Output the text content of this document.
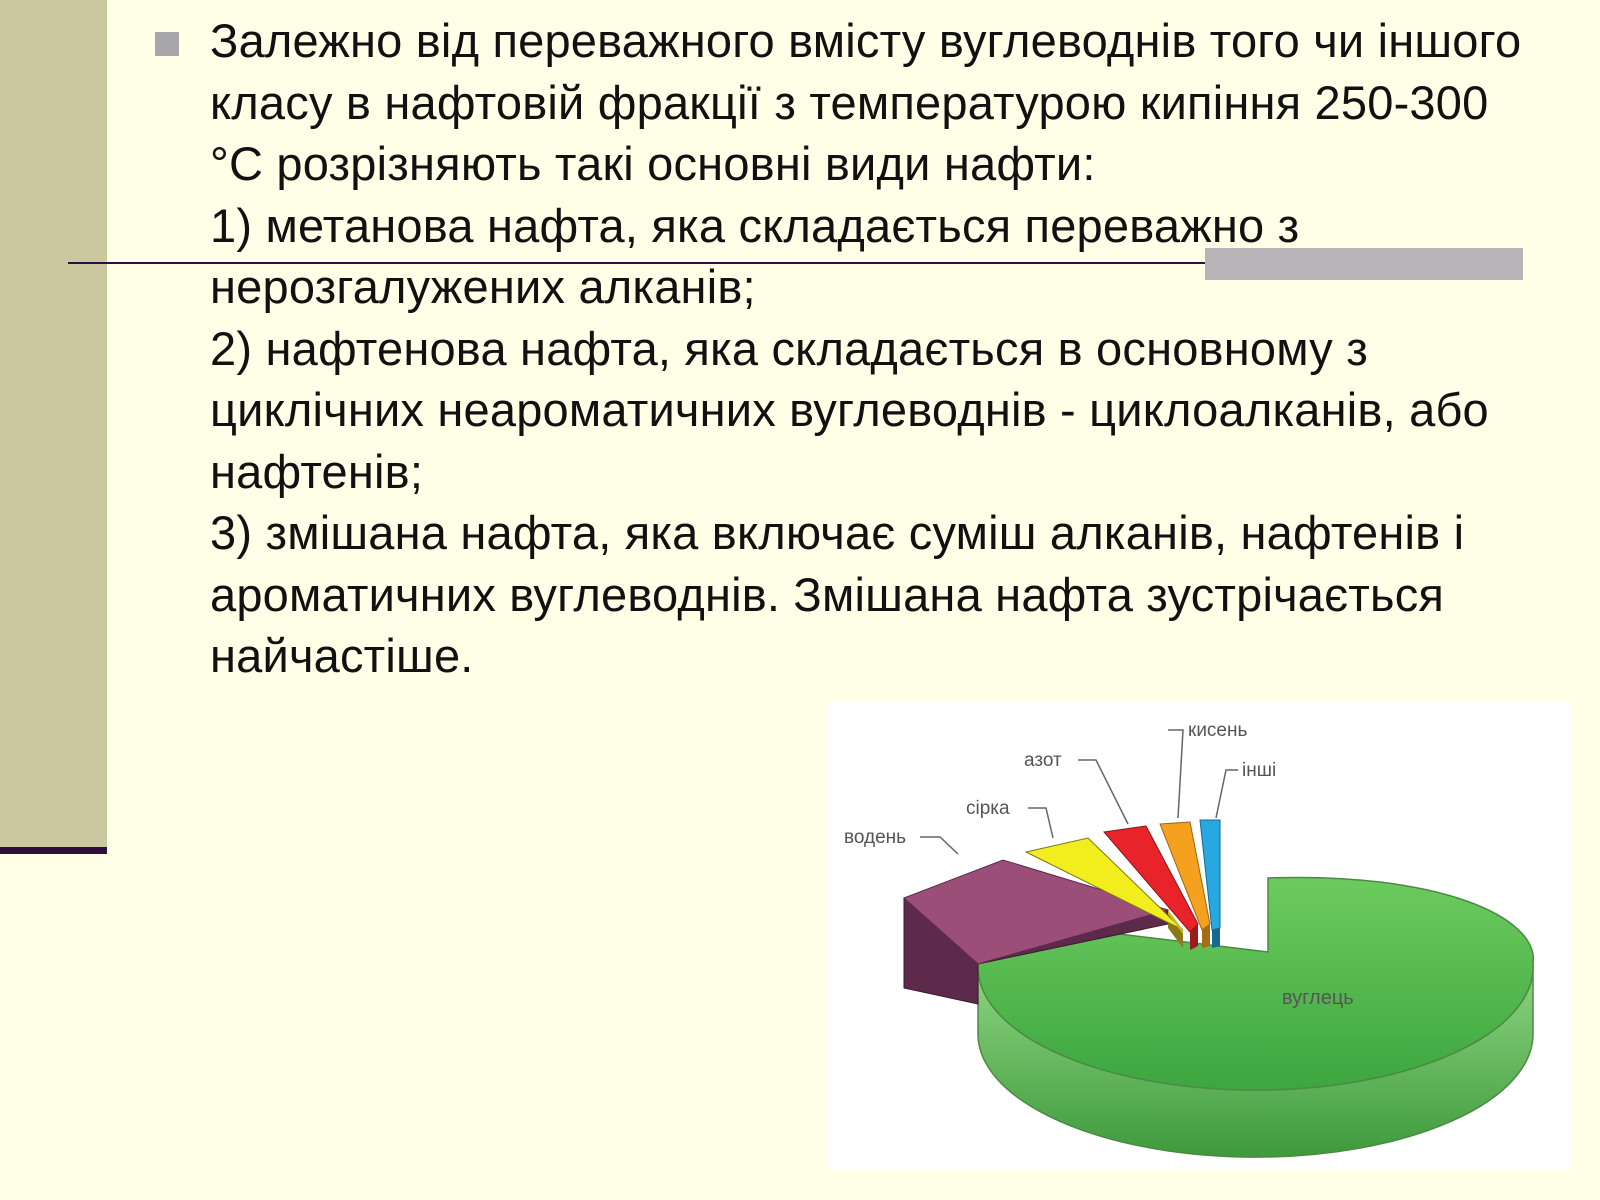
Залежно від переважного вмісту вуглеводнів того чи іншого класу в нафтовій фракції з температурою кипіння 250-300 °С розрізняють такі основні види нафти:

1) метанова нафта, яка складається переважно з нерозгалужених алканів;

2) нафтенова нафта, яка складається в основному з циклічних неароматичних вуглеводнів - циклоалканів, або нафтенів;

3) змішана нафта, яка включає суміш алканів, нафтенів і ароматичних вуглеводнів. Змішана нафта зустрічається найчастіше.

водень
сірка
азот
кисень
інші
вуглець
